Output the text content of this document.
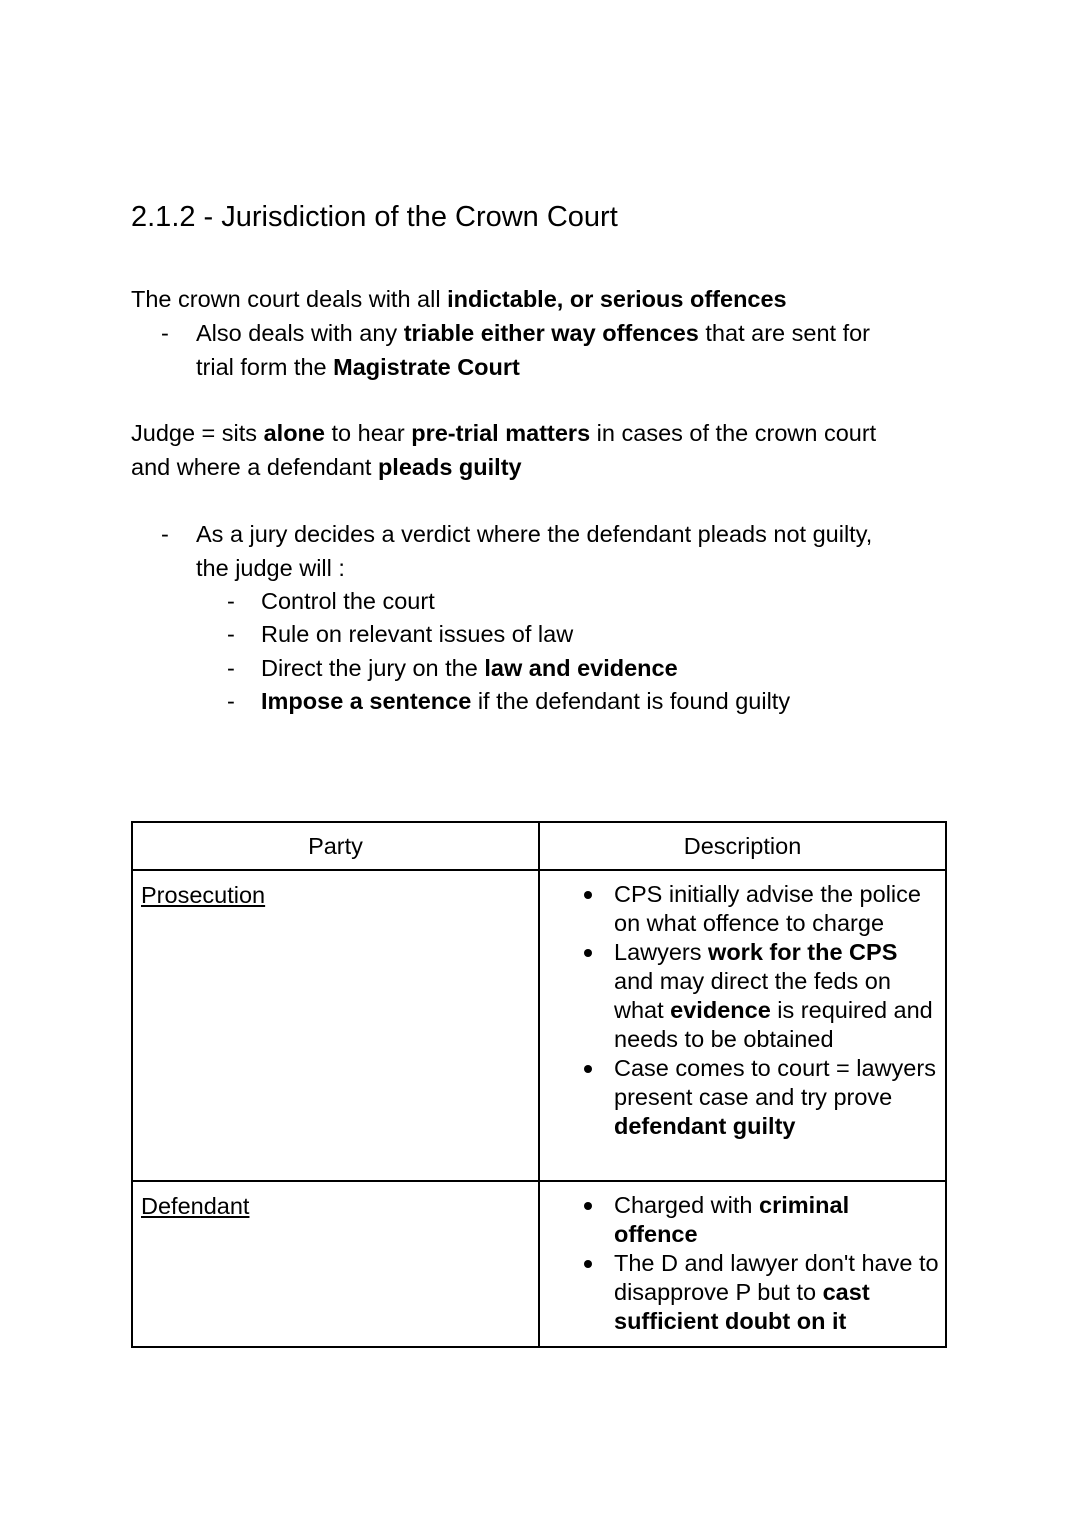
2.1.2 - Jurisdiction of the Crown Court
The crown court deals with all indictable, or serious offences
- Also deals with any triable either way offences that are sent for
trial form the Magistrate Court
Judge = sits alone to hear pre-trial matters in cases of the crown court
and where a defendant pleads guilty
- As a jury decides a verdict where the defendant pleads not guilty,
the judge will :
- Control the court
- Rule on relevant issues of law
- Direct the jury on the law and evidence
- Impose a sentence if the defendant is found guilty
Party	Description

Prosecution	CPS initially advise the police on what offence to charge
Lawyers work for the CPS and may direct the feds on what evidence is required and needs to be obtained
Case comes to court = lawyers present case and try prove defendant guilty

Defendant	Charged with criminal offence
The D and lawyer don't have to disapprove P but to cast sufficient doubt on it
